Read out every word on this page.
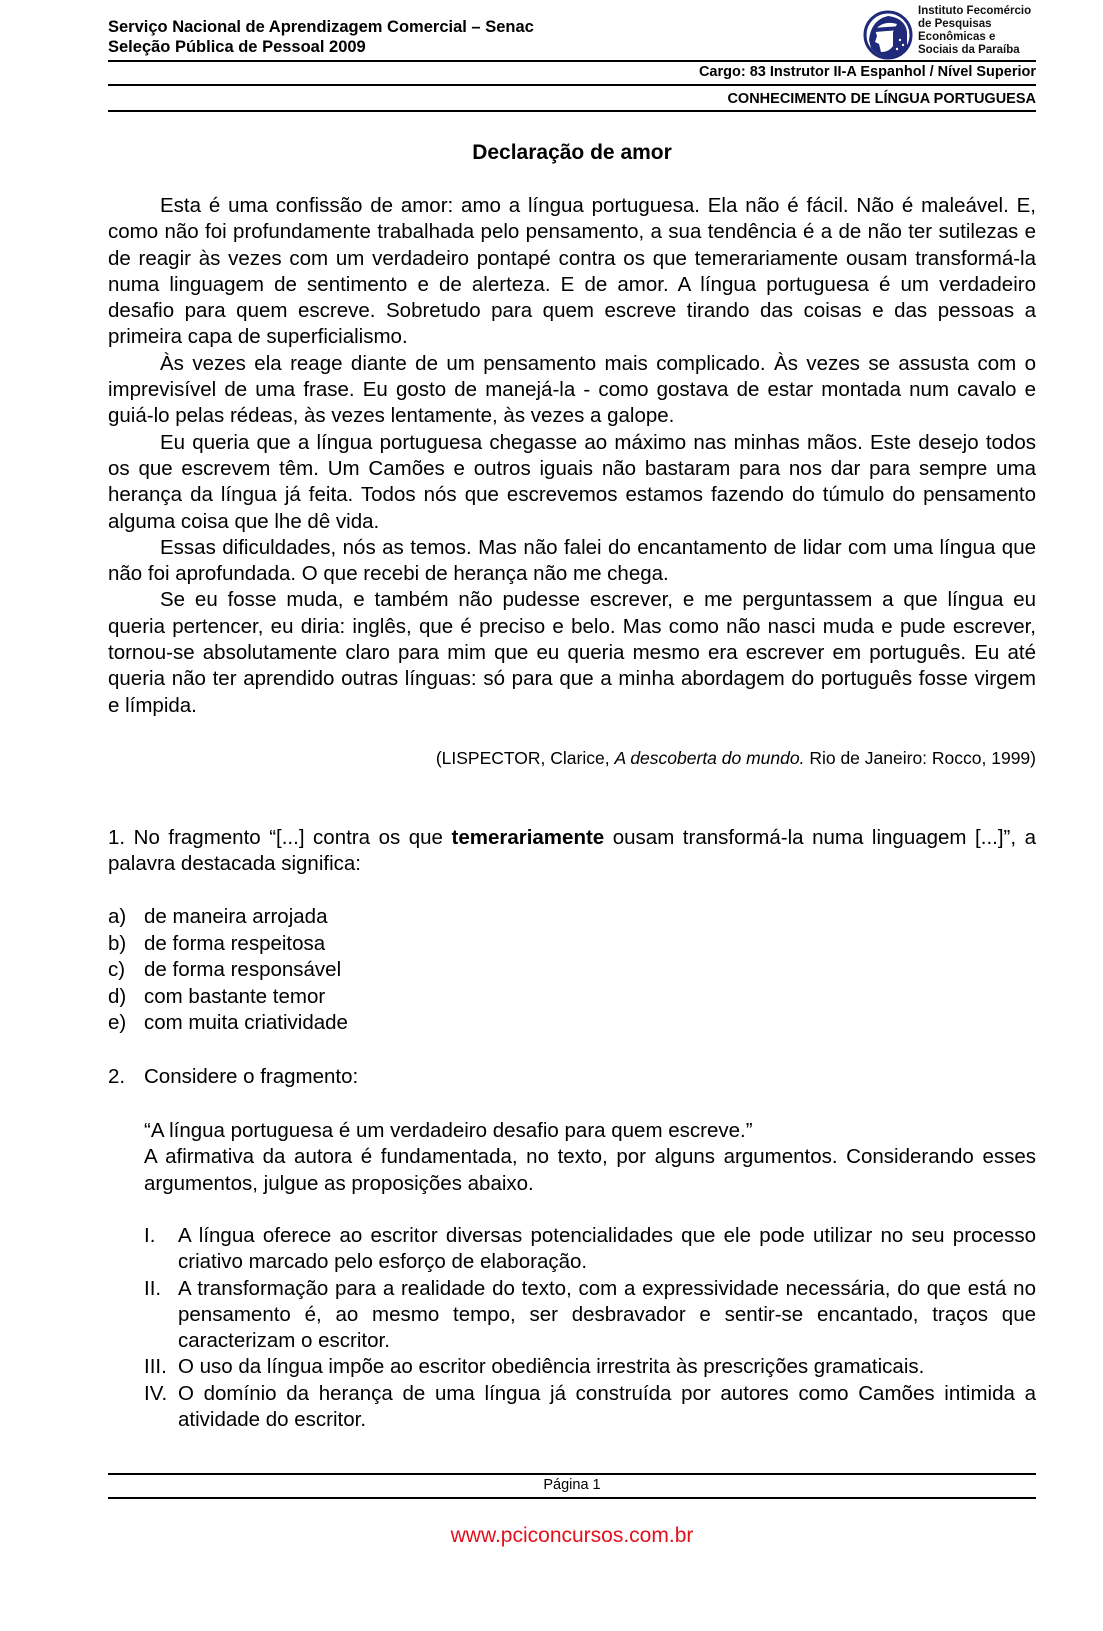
Serviço Nacional de Aprendizagem Comercial – Senac
Seleção Pública de Pessoal 2009
Instituto Fecomércio
de Pesquisas
Econômicas e
Sociais da Paraíba
Cargo: 83 Instrutor II-A Espanhol / Nível Superior
CONHECIMENTO DE LÍNGUA PORTUGUESA
Declaração de amor

Esta é uma confissão de amor: amo a língua portuguesa. Ela não é fácil. Não é maleável. E, como não foi profundamente trabalhada pelo pensamento, a sua tendência é a de não ter sutilezas e de reagir às vezes com um verdadeiro pontapé contra os que temerariamente ousam transformá-la numa linguagem de sentimento e de alerteza. E de amor. A língua portuguesa é um verdadeiro desafio para quem escreve. Sobretudo para quem escreve tirando das coisas e das pessoas a primeira capa de superficialismo.

Às vezes ela reage diante de um pensamento mais complicado. Às vezes se assusta com o imprevisível de uma frase. Eu gosto de manejá-la - como gostava de estar montada num cavalo e guiá-lo pelas rédeas, às vezes lentamente, às vezes a galope.

Eu queria que a língua portuguesa chegasse ao máximo nas minhas mãos. Este desejo todos os que escrevem têm. Um Camões e outros iguais não bastaram para nos dar para sempre uma herança da língua já feita. Todos nós que escrevemos estamos fazendo do túmulo do pensamento alguma coisa que lhe dê vida.

Essas dificuldades, nós as temos. Mas não falei do encantamento de lidar com uma língua que não foi aprofundada. O que recebi de herança não me chega.

Se eu fosse muda, e também não pudesse escrever, e me perguntassem a que língua eu queria pertencer, eu diria: inglês, que é preciso e belo. Mas como não nasci muda e pude escrever, tornou-se absolutamente claro para mim que eu queria mesmo era escrever em português. Eu até queria não ter aprendido outras línguas: só para que a minha abordagem do português fosse virgem e límpida.

(LISPECTOR, Clarice, A descoberta do mundo. Rio de Janeiro: Rocco, 1999)
1. No fragmento “[...] contra os que temerariamente ousam transformá-la numa linguagem [...]”, a palavra destacada significa:
a) de maneira arrojada
b) de forma respeitosa
c) de forma responsável
d) com bastante temor
e) com muita criatividade
2. Considere o fragmento:
“A língua portuguesa é um verdadeiro desafio para quem escreve.”
A afirmativa da autora é fundamentada, no texto, por alguns argumentos. Considerando esses argumentos, julgue as proposições abaixo.
I.	A língua oferece ao escritor diversas potencialidades que ele pode utilizar no seu processo criativo marcado pelo esforço de elaboração.
II. A transformação para a realidade do texto, com a expressividade necessária, do que está no pensamento é, ao mesmo tempo, ser desbravador e sentir-se encantado, traços que caracterizam o escritor.
III. O uso da língua impõe ao escritor obediência irrestrita às prescrições gramaticais.
IV. O domínio da herança de uma língua já construída por autores como Camões intimida a atividade do escritor.
Página 1
www.pciconcursos.com.br
